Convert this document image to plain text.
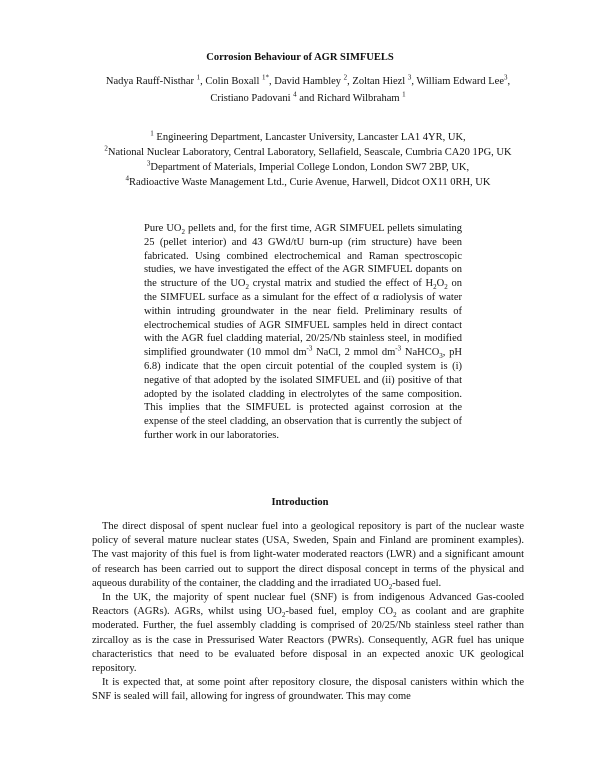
Corrosion Behaviour of AGR SIMFUELS
Nadya Rauff-Nisthar $^1$, Colin Boxall $^{1*}$, David Hambley $^2$, Zoltan Hiezl $^3$, William Edward Lee$^3$, Cristiano Padovani $^4$ and Richard Wilbraham $^1$
$^1$ Engineering Department, Lancaster University, Lancaster LA1 4YR, UK,
$^2$National Nuclear Laboratory, Central Laboratory, Sellafield, Seascale, Cumbria CA20 1PG, UK
$^3$Department of Materials, Imperial College London, London SW7 2BP, UK,
$^4$Radioactive Waste Management Ltd., Curie Avenue, Harwell, Didcot OX11 0RH, UK
Pure $UO_2$ pellets and, for the first time, AGR SIMFUEL pellets simulating 25 (pellet interior) and 43 GWd/tU burn-up (rim structure) have been fabricated. Using combined electrochemical and Raman spectroscopic studies, we have investigated the effect of the AGR SIMFUEL dopants on the structure of the $UO_2$ crystal matrix and studied the effect of $H_2O_2$ on the SIMFUEL surface as a simulant for the effect of α radiolysis of water within intruding groundwater in the near field. Preliminary results of electrochemical studies of AGR SIMFUEL samples held in direct contact with the AGR fuel cladding material, 20/25/Nb stainless steel, in modified simplified groundwater (10 mmol $dm^{-3}$ NaCl, 2 mmol $dm^{-3}$ NaHCO$_3$, pH 6.8) indicate that the open circuit potential of the coupled system is (i) negative of that adopted by the isolated SIMFUEL and (ii) positive of that adopted by the isolated cladding in electrolytes of the same composition. This implies that the SIMFUEL is protected against corrosion at the expense of the steel cladding, an observation that is currently the subject of further work in our laboratories.
Introduction

The direct disposal of spent nuclear fuel into a geological repository is part of the nuclear waste policy of several mature nuclear states (USA, Sweden, Spain and Finland are prominent examples). The vast majority of this fuel is from light-water moderated reactors (LWR) and a significant amount of research has been carried out to support the direct disposal concept in terms of the physical and aqueous durability of the container, the cladding and the irradiated $UO_2$-based fuel.

In the UK, the majority of spent nuclear fuel (SNF) is from indigenous Advanced Gas-cooled Reactors (AGRs). AGRs, whilst using $UO_2$-based fuel, employ $CO_2$ as coolant and are graphite moderated. Further, the fuel assembly cladding is comprised of 20/25/Nb stainless steel rather than zircalloy as is the case in Pressurised Water Reactors (PWRs). Consequently, AGR fuel has unique characteristics that need to be evaluated before disposal in an expected anoxic UK geological repository.

It is expected that, at some point after repository closure, the disposal canisters within which the SNF is sealed will fail, allowing for ingress of groundwater. This may come
